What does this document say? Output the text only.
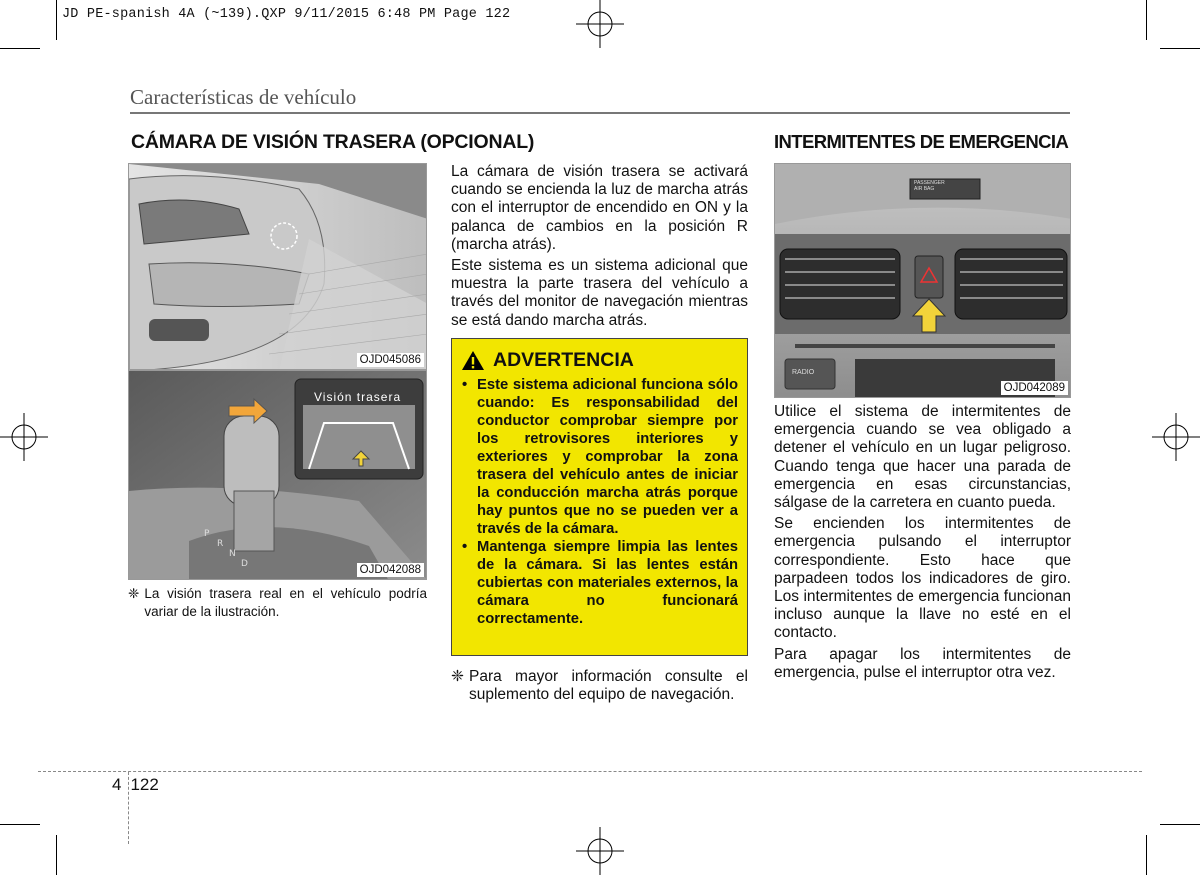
JD PE-spanish 4A (~139).QXP 9/11/2015 6:48 PM Page 122
Características de vehículo
CÁMARA DE VISIÓN TRASERA (OPCIONAL)
OJD045086
P
R
N
D
Visión trasera
OJD042088
❈ La visión trasera real en el vehículo podría variar de la ilustración.

La cámara de visión trasera se activará cuando se encienda la luz de marcha atrás con el interruptor de encendido en ON y la palanca de cambios en la posición R (marcha atrás).

Este sistema es un sistema adicional que muestra la parte trasera del vehículo a través del monitor de navegación mientras se está dando marcha atrás.

ADVERTENCIA
• Este sistema adicional funciona sólo cuando: Es responsabilidad del conductor comprobar siempre por los retrovisores interiores y exteriores y comprobar la zona trasera del vehículo antes de iniciar la conducción marcha atrás porque hay puntos que no se pueden ver a través de la cámara.
• Mantenga siempre limpia las lentes de la cámara. Si las lentes están cubiertas con materiales externos, la cámara no funcionará correctamente.
❈ Para mayor información consulte el suplemento del equipo de navegación.
INTERMITENTES DE EMERGENCIA
PASSENGER
AIR BAG
RADIO
OJD042089

Utilice el sistema de intermitentes de emergencia cuando se vea obligado a detener el vehículo en un lugar peligroso. Cuando tenga que hacer una parada de emergencia en esas circunstancias, sálgase de la carretera en cuanto pueda.

Se encienden los intermitentes de emergencia pulsando el interruptor correspondiente. Esto hace que parpadeen todos los indicadores de giro. Los intermitentes de emergencia funcionan incluso aunque la llave no esté en el contacto.

Para apagar los intermitentes de emergencia, pulse el interruptor otra vez.

4 122
